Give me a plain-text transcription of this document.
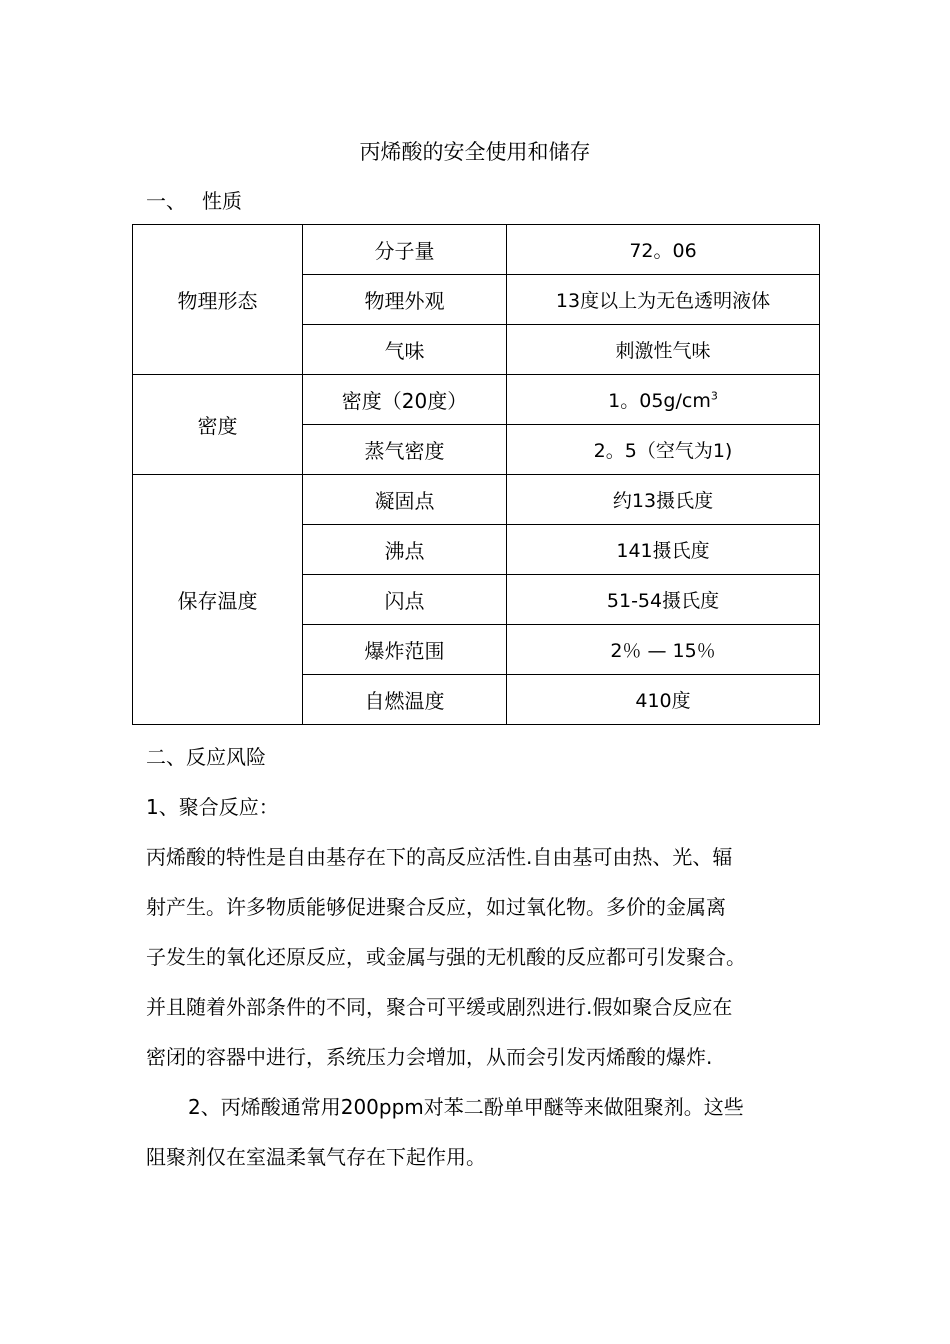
丙烯酸的安全使用和储存
一、 性质
物理形态	分子量	72。06
	物理外观	13度以上为无色透明液体
	气味	刺激性气味
密度	密度（20度）	1。$05g/cm^3$
	蒸气密度	2。5（空气为1)
保存温度	凝固点	约13摄氏度
	沸点	141摄氏度
	闪点	51-54摄氏度
	爆炸范围	2％ — 15％
	自燃温度	410度
二、反应风险
1、聚合反应：
丙烯酸的特性是自由基存在下的高反应活性.自由基可由热、光、辐
射产生。许多物质能够促进聚合反应，如过氧化物。多价的金属离
子发生的氧化还原反应，或金属与强的无机酸的反应都可引发聚合。
并且随着外部条件的不同，聚合可平缓或剧烈进行.假如聚合反应在
密闭的容器中进行，系统压力会增加，从而会引发丙烯酸的爆炸.
2、丙烯酸通常用200ppm对苯二酚单甲醚等来做阻聚剂。这些
阻聚剂仅在室温柔氧气存在下起作用。
